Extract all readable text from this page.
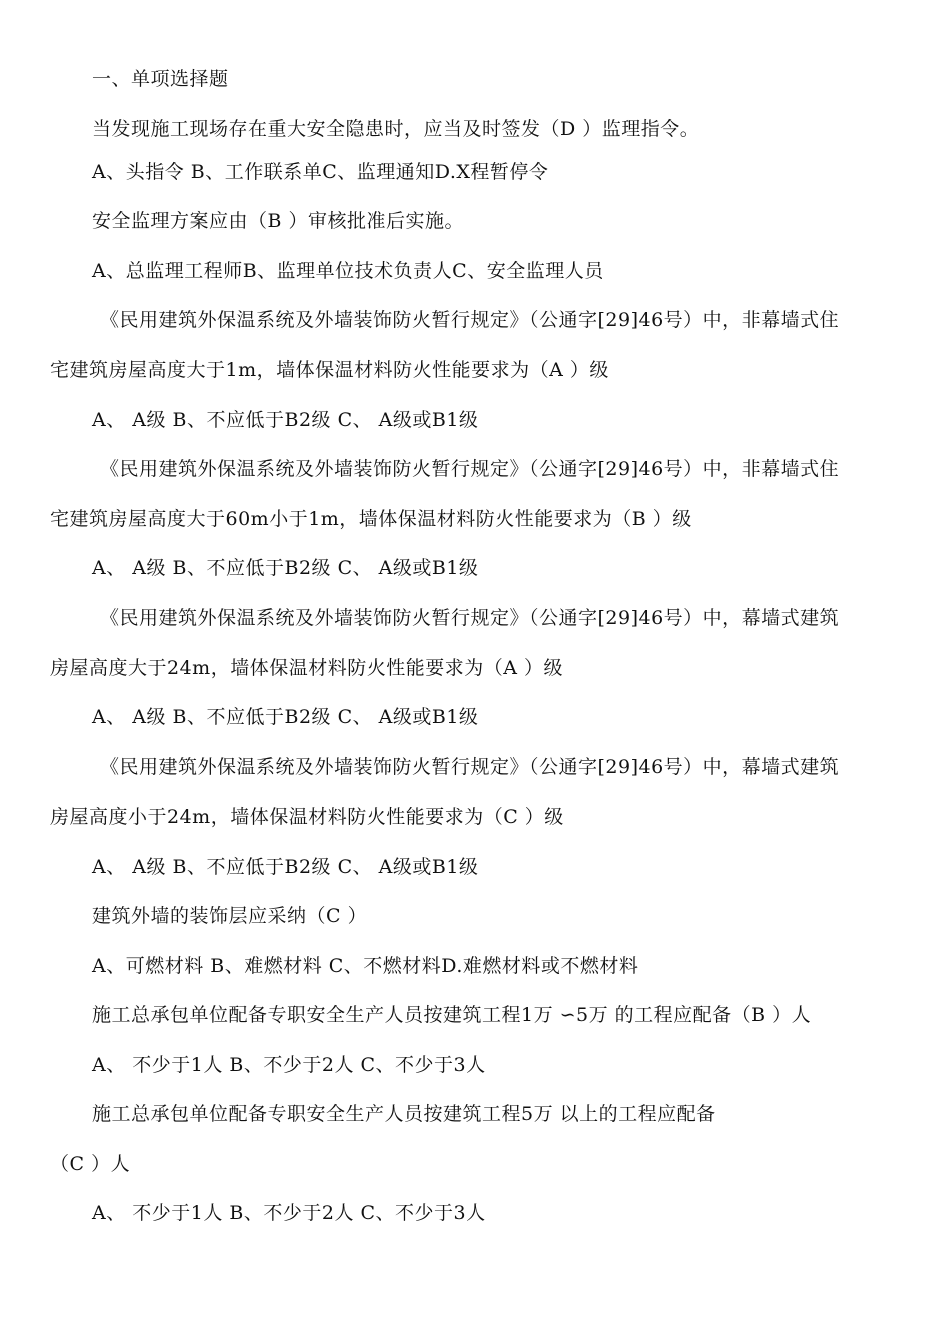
一、单项选择题
当发现施工现场存在重大安全隐患时，应当及时签发（D ）监理指令。
A、头指令 B、工作联系单C、监理通知D.X程暂停令
安全监理方案应由（B ）审核批准后实施。
A、总监理工程师B、监理单位技术负责人C、安全监理人员
《民用建筑外保温系统及外墙装饰防火暂行规定》（公通字[29]46号）中，非幕墙式住
宅建筑房屋高度大于1m，墙体保温材料防火性能要求为（A ）级
A、 A级 B、不应低于B2级 C、 A级或B1级
《民用建筑外保温系统及外墙装饰防火暂行规定》（公通字[29]46号）中，非幕墙式住
宅建筑房屋高度大于60m小于1m，墙体保温材料防火性能要求为（B ）级
A、 A级 B、不应低于B2级 C、 A级或B1级
《民用建筑外保温系统及外墙装饰防火暂行规定》（公通字[29]46号）中，幕墙式建筑
房屋高度大于24m，墙体保温材料防火性能要求为（A ）级
A、 A级 B、不应低于B2级 C、 A级或B1级
《民用建筑外保温系统及外墙装饰防火暂行规定》（公通字[29]46号）中，幕墙式建筑
房屋高度小于24m，墙体保温材料防火性能要求为（C ）级
A、 A级 B、不应低于B2级 C、 A级或B1级
建筑外墙的装饰层应采纳（C ）
A、可燃材料 B、难燃材料 C、不燃材料D.难燃材料或不燃材料
施工总承包单位配备专职安全生产人员按建筑工程1万 ∽5万 的工程应配备（B ）人
A、 不少于1人 B、不少于2人 C、不少于3人
施工总承包单位配备专职安全生产人员按建筑工程5万 以上的工程应配备
（C ）人
A、 不少于1人 B、不少于2人 C、不少于3人
